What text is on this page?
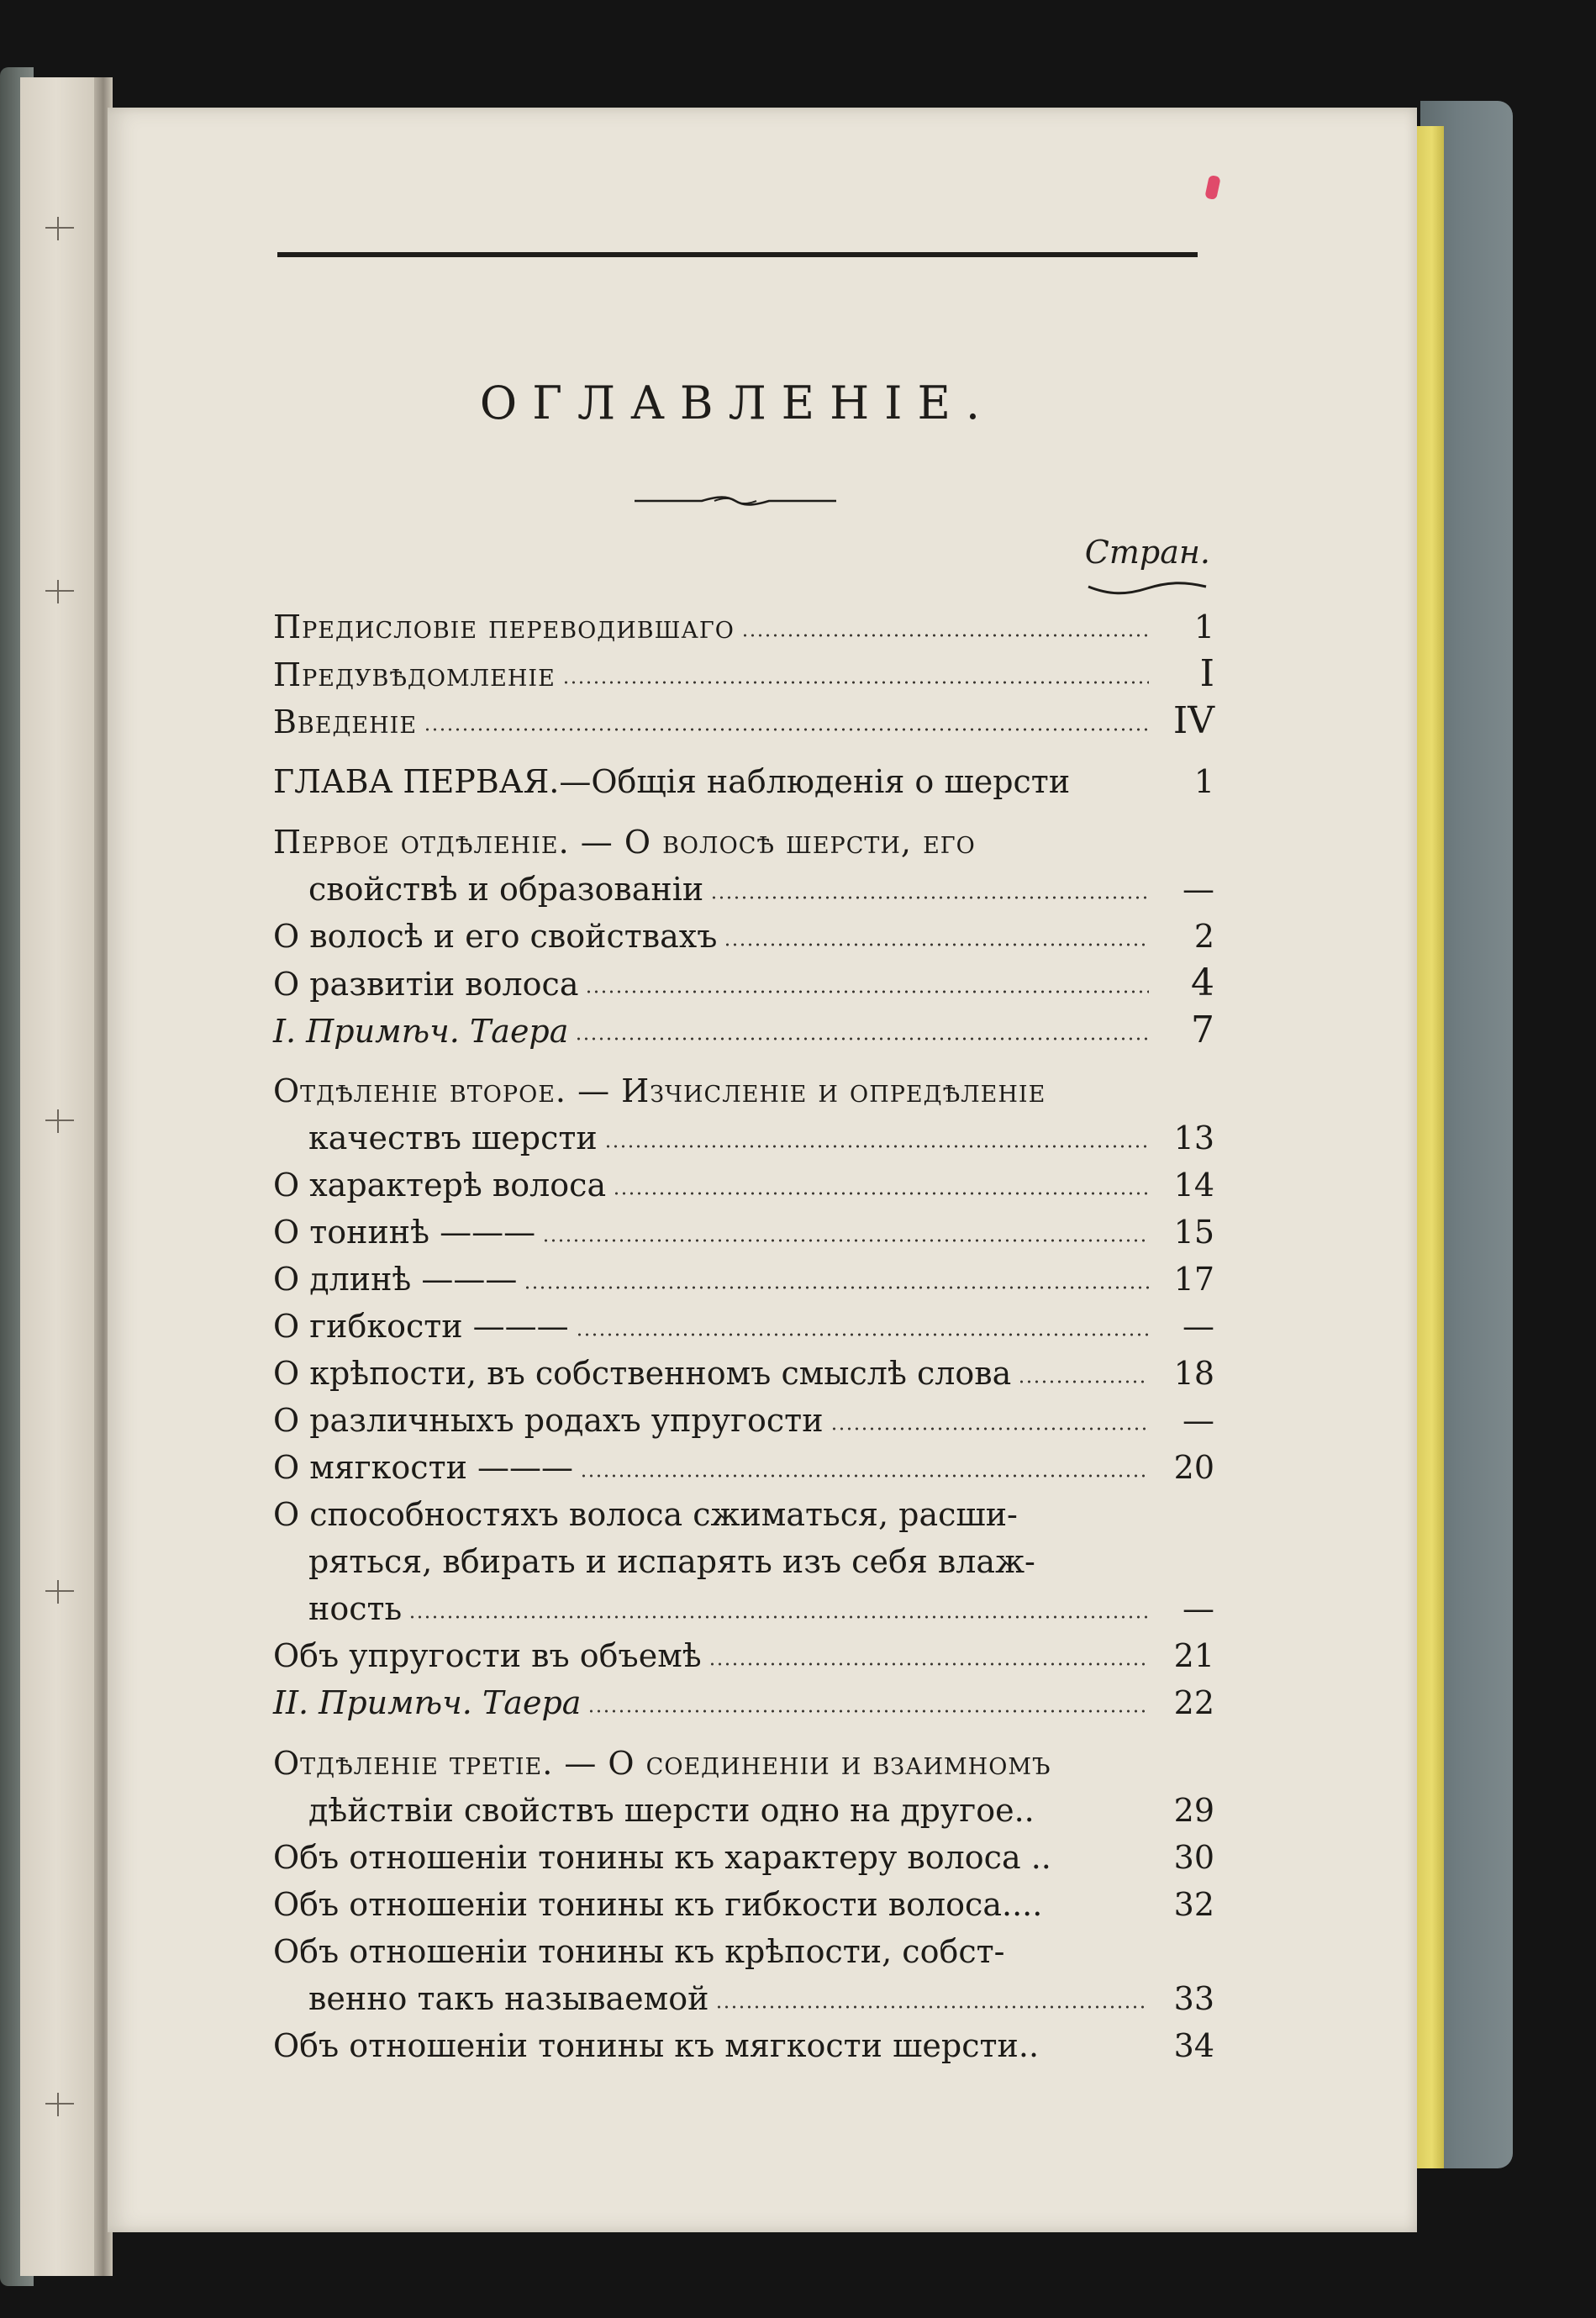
ОГЛАВЛЕНІЕ.
Стран.
Предисловіе переводившаго	1
Предувѣдомленіе	I
Введеніе	IV
ГЛАВА ПЕРВАЯ.—Общія наблюденія о шерсти	1
Первое отдѣленіе. — О волосѣ шерсти, его
свойствѣ и образованіи	—
О волосѣ и его свойствахъ	2
О развитіи волоса	4
I. Примѣч. Таера	7
Отдѣленіе второе. — Изчисленіе и опредѣленіе
качествъ шерсти	13
О характерѣ волоса	14
О тонинѣ ———	15
О длинѣ ———	17
О гибкости ———	—
О крѣпости, въ собственномъ смыслѣ слова	18
О различныхъ родахъ упругости	—
О мягкости ———	20
О способностяхъ волоса сжиматься, расши-
ряться, вбирать и испарять изъ себя влаж-
ность	—
Объ упругости въ объемѣ	21
II. Примѣч. Таера	22
Отдѣленіе третіе. — О соединеніи и взаимномъ
дѣйствіи свойствъ шерсти одно на другое..	29
Объ отношеніи тонины къ характеру волоса ..	30
Объ отношеніи тонины къ гибкости волоса....	32
Объ отношеніи тонины къ крѣпости, собст-
венно такъ называемой	33
Объ отношеніи тонины къ мягкости шерсти..	34
